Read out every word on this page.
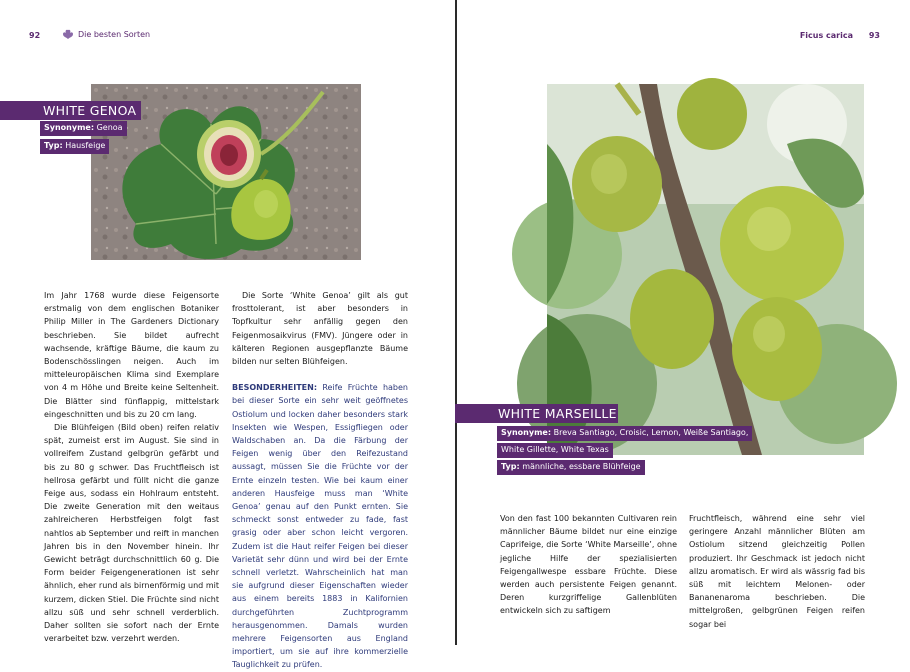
92	Die besten Sorten
WHITE GENOA
Synonyme: Genoa
Typ: Hausfeige

Im Jahr 1768 wurde diese Feigensorte erstmalig von dem englischen Botaniker Philip Miller in The Gardeners Dictionary beschrieben. Sie bildet aufrecht wachsende, kräftige Bäume, die kaum zu Bodenschösslingen neigen. Auch im mitteleuropäischen Klima sind Exemplare von 4 m Höhe und Breite keine Seltenheit. Die Blätter sind fünflappig, mittelstark eingeschnitten und bis zu 20 cm lang.

Die Blühfeigen (Bild oben) reifen relativ spät, zumeist erst im August. Sie sind in vollreifem Zustand gelbgrün gefärbt und bis zu 80 g schwer. Das Fruchtfleisch ist hellrosa gefärbt und füllt nicht die ganze Feige aus, sodass ein Hohlraum entsteht. Die zweite Generation mit den weitaus zahlreicheren Herbstfeigen folgt fast nahtlos ab September und reift in manchen Jahren bis in den November hinein. Ihr Gewicht beträgt durchschnittlich 60 g. Die Form beider Feigengenerationen ist sehr ähnlich, eher rund als birnenförmig und mit kurzem, dicken Stiel. Die Früchte sind nicht allzu süß und sehr schnell verderblich. Daher sollten sie sofort nach der Ernte verarbeitet bzw. verzehrt werden.

Die Sorte ‘White Genoa’ gilt als gut frosttolerant, ist aber besonders in Topfkultur sehr anfällig gegen den Feigenmosaikvirus (FMV). Jüngere oder in kälteren Regionen ausgepflanzte Bäume bilden nur selten Blühfeigen.

BESONDERHEITEN: Reife Früchte haben bei dieser Sorte ein sehr weit geöffnetes Ostiolum und locken daher besonders stark Insekten wie Wespen, Essigfliegen oder Waldschaben an. Da die Färbung der Feigen wenig über den Reifezustand aussagt, müssen Sie die Früchte vor der Ernte einzeln testen. Wie bei kaum einer anderen Hausfeige muss man ‘White Genoa’ genau auf den Punkt ernten. Sie schmeckt sonst entweder zu fade, fast grasig oder aber schon leicht vergoren. Zudem ist die Haut reifer Feigen bei dieser Varietät sehr dünn und wird bei der Ernte schnell verletzt. Wahrscheinlich hat man sie aufgrund dieser Eigenschaften wieder aus einem bereits 1883 in Kalifornien durchgeführten Zuchtprogramm herausgenommen. Damals wurden mehrere Feigensorten aus England importiert, um sie auf ihre kommerzielle Tauglichkeit zu prüfen.

Ficus carica 93
WHITE MARSEILLE
Synonyme: Breva Santiago, Croisic, Lemon, Weiße Santiago,
White Gillette, White Texas
Typ: männliche, essbare Blühfeige

Von den fast 100 bekannten Cultivaren rein männlicher Bäume bildet nur eine einzige Caprifeige, die Sorte ‘White Marseille’, ohne jegliche Hilfe der spezialisierten Feigengallwespe essbare Früchte. Diese werden auch persistente Feigen genannt. Deren kurzgriffelige Gallenblüten entwickeln sich zu saftigem

Fruchtfleisch, während eine sehr viel geringere Anzahl männlicher Blüten am Ostiolum sitzend gleichzeitig Pollen produziert. Ihr Geschmack ist jedoch nicht allzu aromatisch. Er wird als wässrig fad bis süß mit leichtem Melonen- oder Bananenaroma beschrieben. Die mittelgroßen, gelbgrünen Feigen reifen sogar bei
